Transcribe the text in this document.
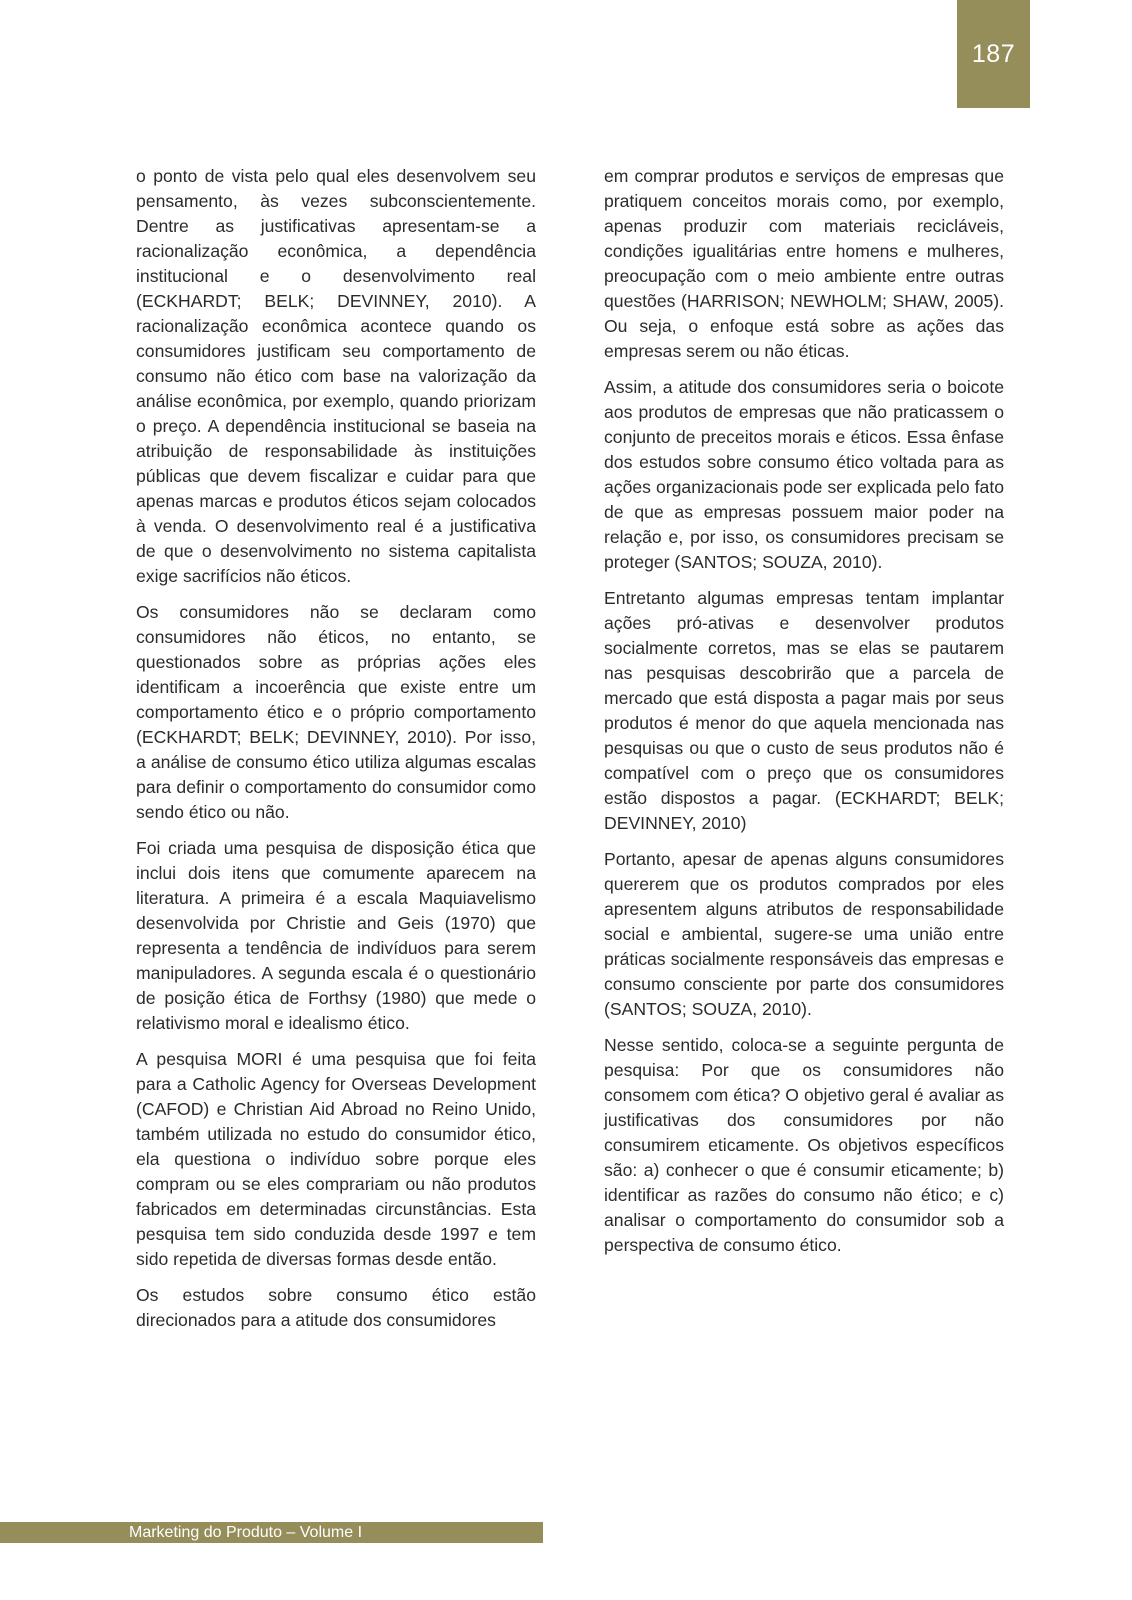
187

o ponto de vista pelo qual eles desenvolvem seu pensamento, às vezes subconscientemente. Dentre as justificativas apresentam-se a racionalização econômica, a dependência institucional e o desenvolvimento real (ECKHARDT; BELK; DEVINNEY, 2010). A racionalização econômica acontece quando os consumidores justificam seu comportamento de consumo não ético com base na valorização da análise econômica, por exemplo, quando priorizam o preço. A dependência institucional se baseia na atribuição de responsabilidade às instituições públicas que devem fiscalizar e cuidar para que apenas marcas e produtos éticos sejam colocados à venda. O desenvolvimento real é a justificativa de que o desenvolvimento no sistema capitalista exige sacrifícios não éticos.

Os consumidores não se declaram como consumidores não éticos, no entanto, se questionados sobre as próprias ações eles identificam a incoerência que existe entre um comportamento ético e o próprio comportamento (ECKHARDT; BELK; DEVINNEY, 2010). Por isso, a análise de consumo ético utiliza algumas escalas para definir o comportamento do consumidor como sendo ético ou não.

Foi criada uma pesquisa de disposição ética que inclui dois itens que comumente aparecem na literatura. A primeira é a escala Maquiavelismo desenvolvida por Christie and Geis (1970) que representa a tendência de indivíduos para serem manipuladores. A segunda escala é o questionário de posição ética de Forthsy (1980) que mede o relativismo moral e idealismo ético.

A pesquisa MORI é uma pesquisa que foi feita para a Catholic Agency for Overseas Development (CAFOD) e Christian Aid Abroad no Reino Unido, também utilizada no estudo do consumidor ético, ela questiona o indivíduo sobre porque eles compram ou se eles comprariam ou não produtos fabricados em determinadas circunstâncias. Esta pesquisa tem sido conduzida desde 1997 e tem sido repetida de diversas formas desde então.

Os estudos sobre consumo ético estão direcionados para a atitude dos consumidores

em comprar produtos e serviços de empresas que pratiquem conceitos morais como, por exemplo, apenas produzir com materiais recicláveis, condições igualitárias entre homens e mulheres, preocupação com o meio ambiente entre outras questões (HARRISON; NEWHOLM; SHAW, 2005). Ou seja, o enfoque está sobre as ações das empresas serem ou não éticas.

Assim, a atitude dos consumidores seria o boicote aos produtos de empresas que não praticassem o conjunto de preceitos morais e éticos. Essa ênfase dos estudos sobre consumo ético voltada para as ações organizacionais pode ser explicada pelo fato de que as empresas possuem maior poder na relação e, por isso, os consumidores precisam se proteger (SANTOS; SOUZA, 2010).

Entretanto algumas empresas tentam implantar ações pró-ativas e desenvolver produtos socialmente corretos, mas se elas se pautarem nas pesquisas descobrirão que a parcela de mercado que está disposta a pagar mais por seus produtos é menor do que aquela mencionada nas pesquisas ou que o custo de seus produtos não é compatível com o preço que os consumidores estão dispostos a pagar. (ECKHARDT; BELK; DEVINNEY, 2010)

Portanto, apesar de apenas alguns consumidores quererem que os produtos comprados por eles apresentem alguns atributos de responsabilidade social e ambiental, sugere-se uma união entre práticas socialmente responsáveis das empresas e consumo consciente por parte dos consumidores (SANTOS; SOUZA, 2010).

Nesse sentido, coloca-se a seguinte pergunta de pesquisa: Por que os consumidores não consomem com ética? O objetivo geral é avaliar as justificativas dos consumidores por não consumirem eticamente. Os objetivos específicos são: a) conhecer o que é consumir eticamente; b) identificar as razões do consumo não ético; e c) analisar o comportamento do consumidor sob a perspectiva de consumo ético.

Marketing do Produto – Volume I
